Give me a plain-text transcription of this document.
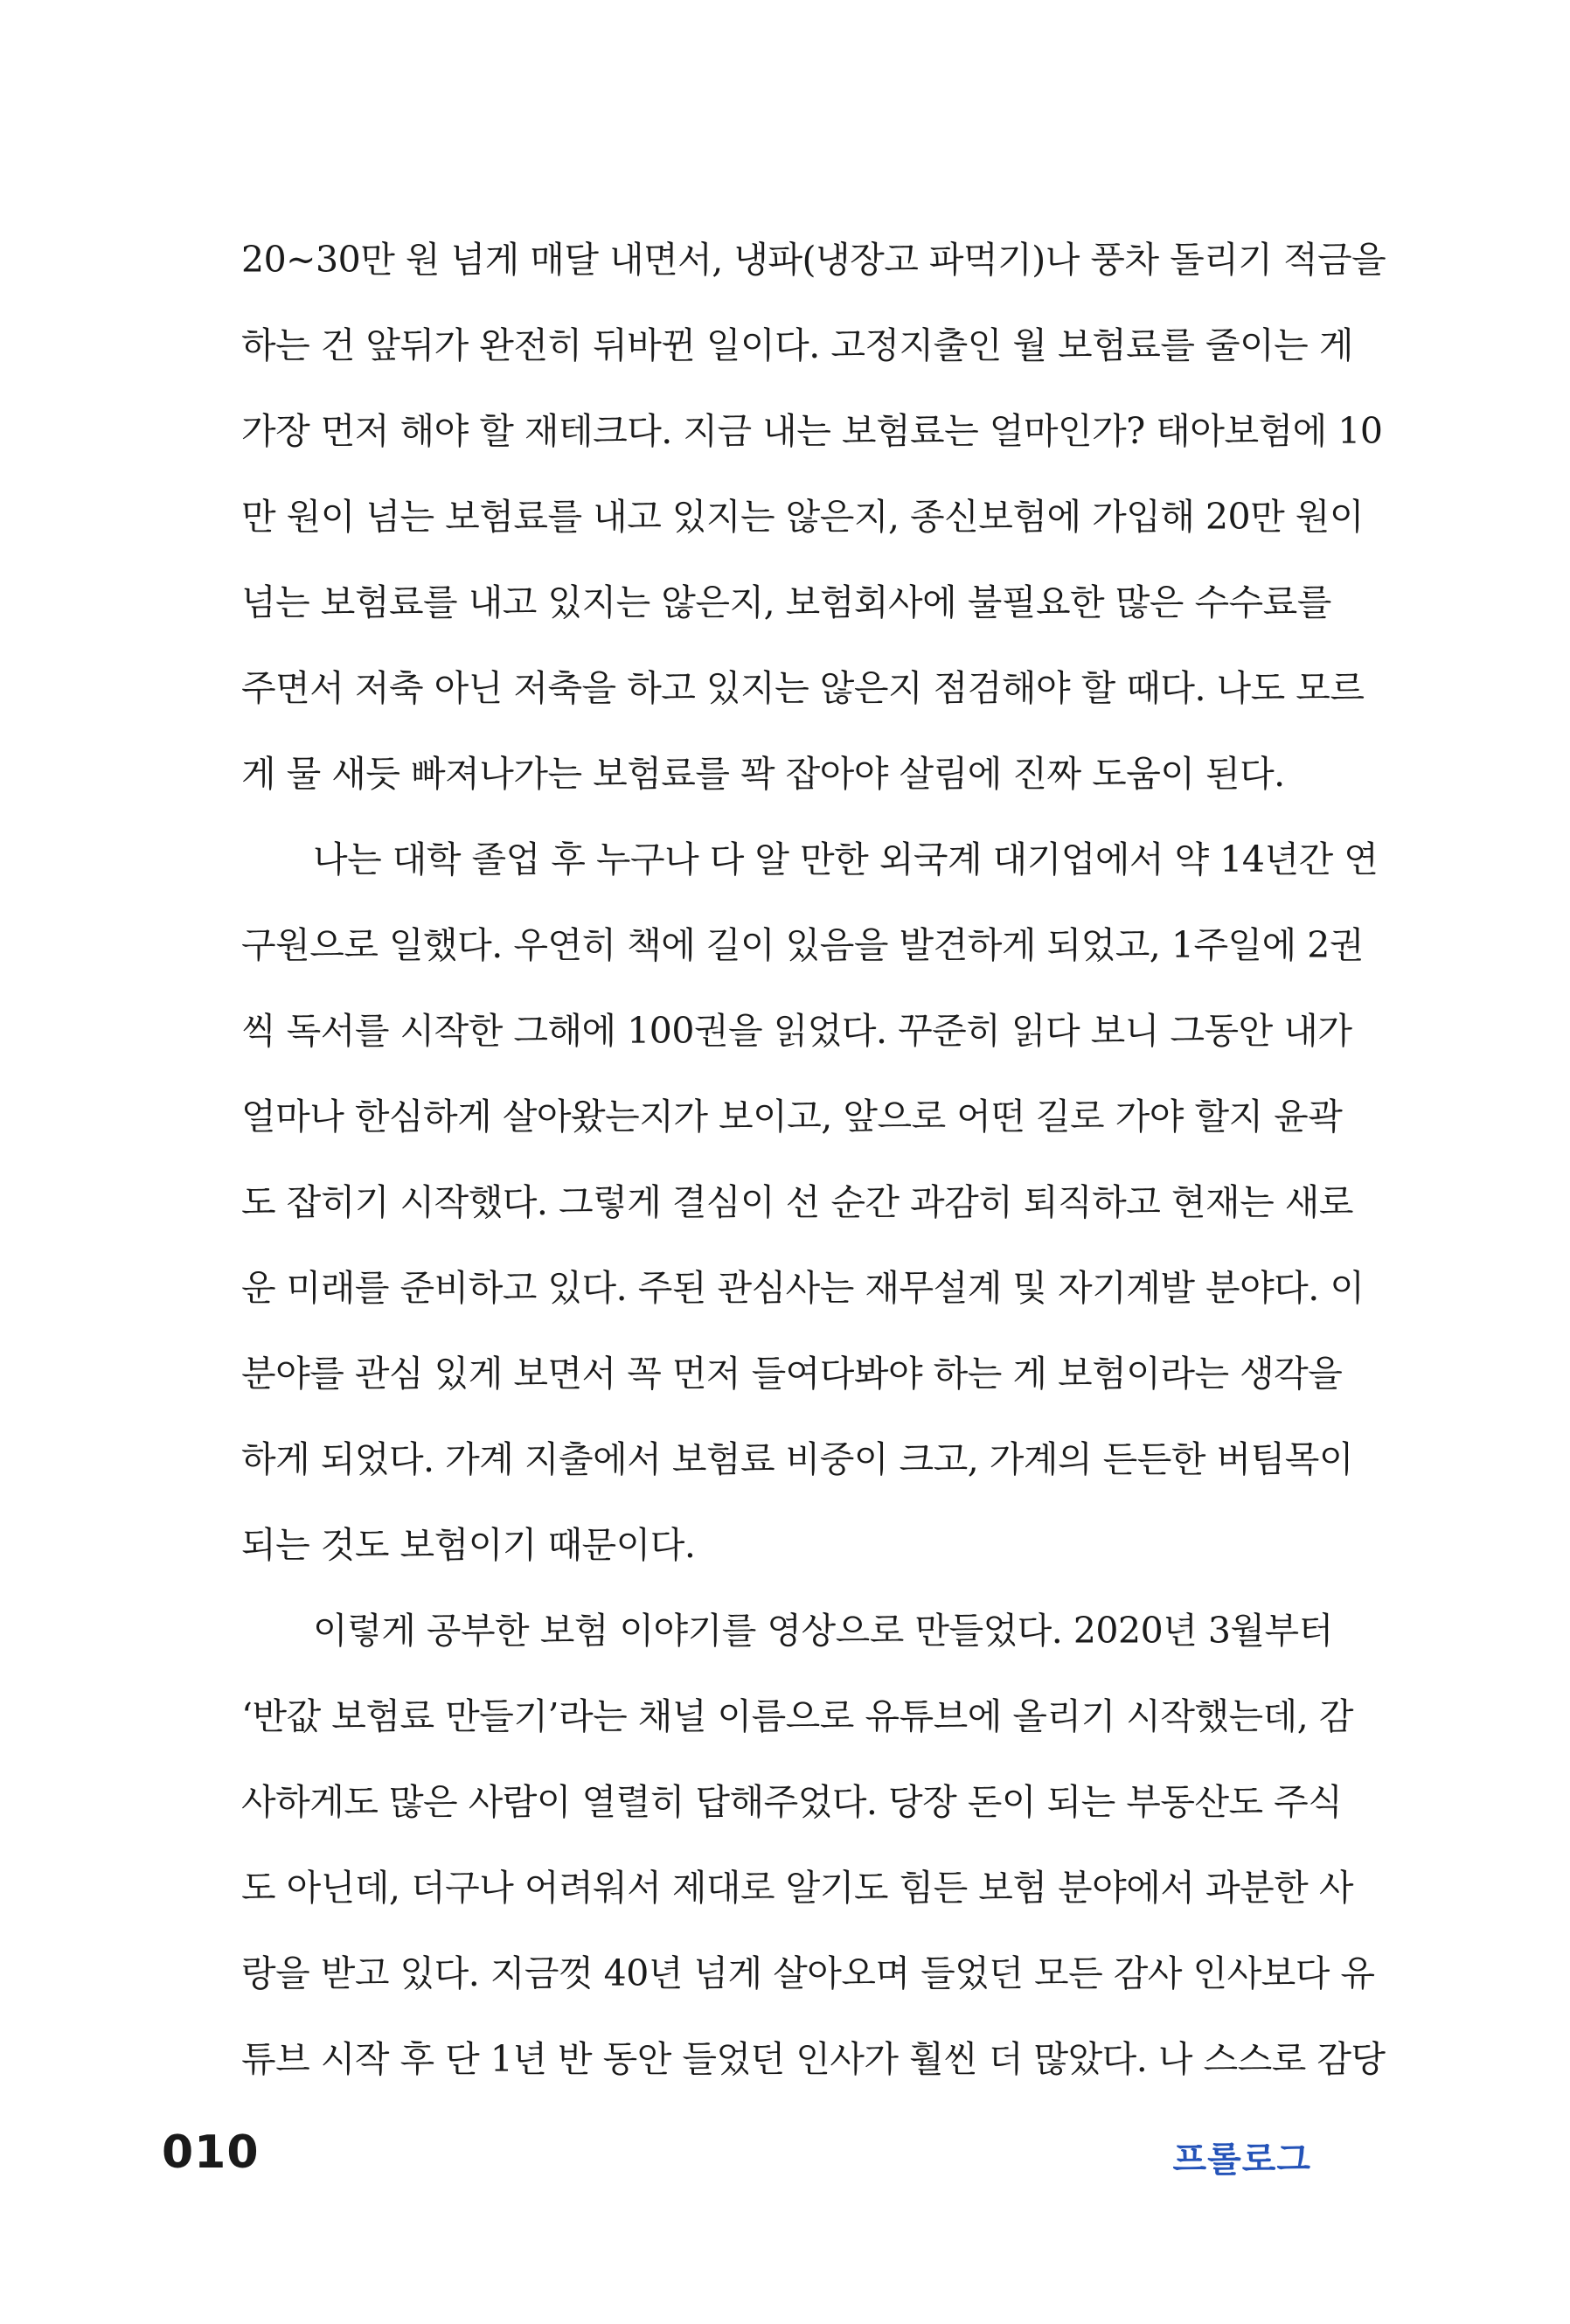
20~30만 원 넘게 매달 내면서, 냉파(냉장고 파먹기)나 풍차 돌리기 적금을
하는 건 앞뒤가 완전히 뒤바뀐 일이다. 고정지출인 월 보험료를 줄이는 게
가장 먼저 해야 할 재테크다. 지금 내는 보험료는 얼마인가? 태아보험에 10
만 원이 넘는 보험료를 내고 있지는 않은지, 종신보험에 가입해 20만 원이
넘는 보험료를 내고 있지는 않은지, 보험회사에 불필요한 많은 수수료를
주면서 저축 아닌 저축을 하고 있지는 않은지 점검해야 할 때다. 나도 모르
게 물 새듯 빠져나가는 보험료를 꽉 잡아야 살림에 진짜 도움이 된다.
나는 대학 졸업 후 누구나 다 알 만한 외국계 대기업에서 약 14년간 연
구원으로 일했다. 우연히 책에 길이 있음을 발견하게 되었고, 1주일에 2권
씩 독서를 시작한 그해에 100권을 읽었다. 꾸준히 읽다 보니 그동안 내가
얼마나 한심하게 살아왔는지가 보이고, 앞으로 어떤 길로 가야 할지 윤곽
도 잡히기 시작했다. 그렇게 결심이 선 순간 과감히 퇴직하고 현재는 새로
운 미래를 준비하고 있다. 주된 관심사는 재무설계 및 자기계발 분야다. 이
분야를 관심 있게 보면서 꼭 먼저 들여다봐야 하는 게 보험이라는 생각을
하게 되었다. 가계 지출에서 보험료 비중이 크고, 가계의 든든한 버팀목이
되는 것도 보험이기 때문이다.
이렇게 공부한 보험 이야기를 영상으로 만들었다. 2020년 3월부터
‘반값 보험료 만들기’라는 채널 이름으로 유튜브에 올리기 시작했는데, 감
사하게도 많은 사람이 열렬히 답해주었다. 당장 돈이 되는 부동산도 주식
도 아닌데, 더구나 어려워서 제대로 알기도 힘든 보험 분야에서 과분한 사
랑을 받고 있다. 지금껏 40년 넘게 살아오며 들었던 모든 감사 인사보다 유
튜브 시작 후 단 1년 반 동안 들었던 인사가 훨씬 더 많았다. 나 스스로 감당
010	프롤로그
